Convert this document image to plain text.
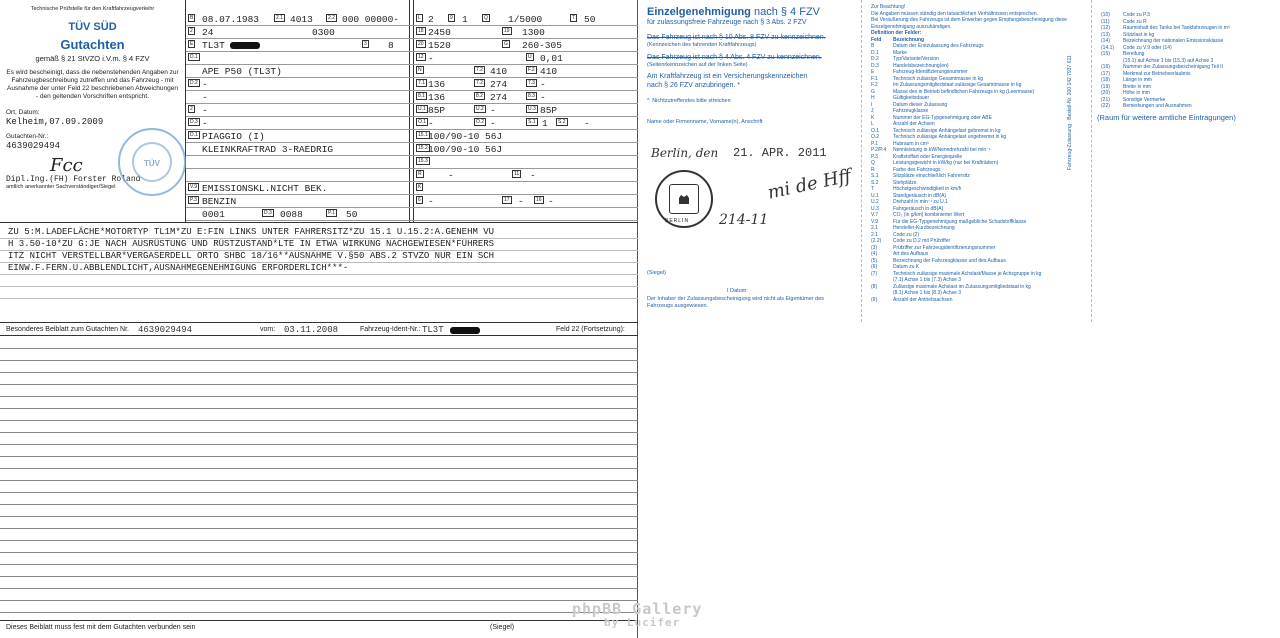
Technische Prüfstelle für den Kraftfahrzeugverkehr
TÜV SÜD
Gutachten
gemäß § 21 StVZO i.V.m. § 4 FZV
Es wird bescheinigt, dass die nebenstehenden Angaben zur Fahrzeugbeschreibung zutreffen und das Fahrzeug - mit Ausnahme der unter Feld 22 beschriebenen Abweichungen - den geltenden Vorschriften entspricht.
Ort, Datum:
Kelheim,07.09.2009
Gutachten-Nr.:
4639029494
Fcc
Dipl.Ing.(FH) Forster Roland
amtlich anerkannter Sachverständiger/Siegel
TÜV
B 08.07.1983	2.1 4013	2.2 000 00000-	L 2	9 1	Q 1/5000	T 50
2 24	0300	18 2450	19 1300
E TL3T	3 8	20 1520	G 260-305
D.1	12 -	U 0,01
APE P50 (TL3T)	N	7.2 410	F.2 410
D.2 -	7.1 136	7.2 274	7.3 -
-	8.1 136	8.2 274	8.3 -
2 -	U.1 85P	U.2 -	U.3 85P
D.3 -	O.1 -	O.2 -	S.1 1	S.2 -
D.1 PIAGGIO (I)	15.1 100/90-10 56J
KLEINKRAFTRAD 3-RAEDRIG	15.2 100/90-10 56J
15.3
R	-	11 -
V.9 EMISSIONSKL.NICHT BEK.	K
P.3 BENZIN	6 -	17 -	16 -
0001	D.3 0088	P.1 50
ZU 5:M.LADEFLÄCHE*MOTORTYP TL1M*ZU E:FIN LINKS UNTER FAHRERSITZ*ZU 15.1 U.15.2:A.GENEHM VU
H 3.50-10*ZU G:JE NACH AUSRÜSTUNG UND RÜSTZUSTAND*LTE IN ETWA WIRKUNG NACHGEWIESEN*FÜHRERS
ITZ NICHT VERSTELLBAR*VERGASERDELL ORTO SHBC 18/16**AUSNAHME V.§50 ABS.2 STVZO NUR EIN SCH
EINW.F.FERN.U.ABBLENDLICHT,AUSNAHMEGENEHMIGUNG ERFORDERLICH***-
Besonderes Beiblatt zum Gutachten Nr. 4639029494	vom: 03.11.2008	Fahrzeug-Ident-Nr.: TL3T	Feld 22 (Fortsetzung):
Dieses Beiblatt muss fest mit dem Gutachten verbunden sein	(Siegel)
Einzelgenehmigung nach § 4 FZV
für zulassungsfreie Fahrzeuge nach § 3 Abs. 2 FZV
Das Fahrzeug ist nach § 10 Abs. 8 FZV zu kennzeichnen.
(Kennzeichen des fahrenden Kraftfahrzeugs)
Das Fahrzeug ist nach § 4 Abs. 4 FZV zu kennzeichnen.
(Seitenrkennzeichen auf der linken Seite)
Am Kraftfahrzeug ist ein Versicherungskennzeichen
nach § 26 FZV anzubringen. *
*: Nichtzutreffendes bitte streichen
Name oder Firmenname, Vorname(n), Anschrift
Berlin, den 21. APR. 2011
BERLIN
mi de Hff
214-11
(Siegel)
I Datum:
Der Inhaber der Zulassungsbescheinigung wird nicht als Eigentümer des Fahrzeugs ausgewiesen.
Zur Beachtung!
Die Angaben müssen ständig den tatsächlichen Verhältnissen entsprechen.
Bei Veräußerung des Fahrzeugs ist dem Erwerber gegen Empfangsbescheinigung diese Einzelgenehmigung auszuhändigen.
Definition der Felder:
Feld	Bezeichnung
B	Datum der Erstzulassung des Fahrzeugs
D.1	Marke
D.2	Typ/Variante/Version
D.3	Handelsbezeichnung(en)
E	Fahrzeug-Identifizierungsnummer
F.1	Technisch zulässige Gesamtmasse in kg
F.2	Im Zulassungsmitgliedstaat zulässige Gesamtmasse in kg
G	Masse des in Betrieb befindlichen Fahrzeugs in kg (Leermasse)
H	Gültigkeitsdauer
I	Datum dieser Zulassung
J	Fahrzeugklasse
K	Nummer der EG-Typgenehmigung oder ABE
L	Anzahl der Achsen
O.1	Technisch zulässige Anhängelast gebremst in kg
O.2	Technisch zulässige Anhängelast ungebremst in kg
P.1	Hubraum in cm³
P.2/P.4	Nennleistung in kW/Nenndrehzahl bei min⁻¹
P.3	Kraftstoffart oder Energiequelle
Q	Leistungsgewicht in kW/kg (nur bei Krafträdern)
R	Farbe des Fahrzeugs
S.1	Sitzplätze einschließlich Fahrersitz
S.2	Stehplätze
T	Höchstgeschwindigkeit in km/h
U.1	Standgeräusch in dB(A)
U.2	Drehzahl in min⁻¹ zu U.1
U.3	Fahrgeräusch in dB(A)
V.7	CO₂ (in g/km) kombinierter Wert
V.9	Für die EG-Typgenehmigung maßgebliche Schadstoffklasse
2.1	Hersteller-Kurzbezeichnung
2.1	Code zu (2)
(2.2)	Code zu D.2 mit Prüfziffer
(3)	Prüfziffer zur Fahrzeugidentifizierungsnummer
(4)	Art des Aufbaus
(5)	Bezeichnung der Fahrzeugklasse und des Aufbaus
(6)	Datum zu K
(7)	Technisch zulässige maximale Achslast/Masse je Achsgruppe in kg
(7.1) Achse 1 bis (7.3) Achse 3
(8)	Zulässige maximale Achslast im Zulassungsmitgliedstaat in kg
(8.1) Achse 1 bis (8.3) Achse 3
(9)	Anzahl der Antriebsachsen
Fahrzeug-Zulassung · Bestell-Nr. 200 142 7937 611
(10)	Code zu P.3
(11)	Code zu R
(12)	Rauminhalt des Tanks bei Tankfahrzeugen in m³
(13)	Stützlast in kg
(14)	Bezeichnung der nationalen Emissionsklasse
(14.1)	Code zu V.9 oder (14)
(15)	Bereifung
(15.1) auf Achse 1 bis (15.3) auf Achse 3
(16)	Nummer der Zulassungsbescheinigung Teil II
(17)	Merkmal zur Betriebserlaubnis
(18)	Länge in mm
(19)	Breite in mm
(20)	Höhe in mm
(21)	Sonstige Vermerke
(22)	Bemerkungen und Ausnahmen
(Raum für weitere amtliche Eintragungen)
phpBB Gallery
by Lucifer
